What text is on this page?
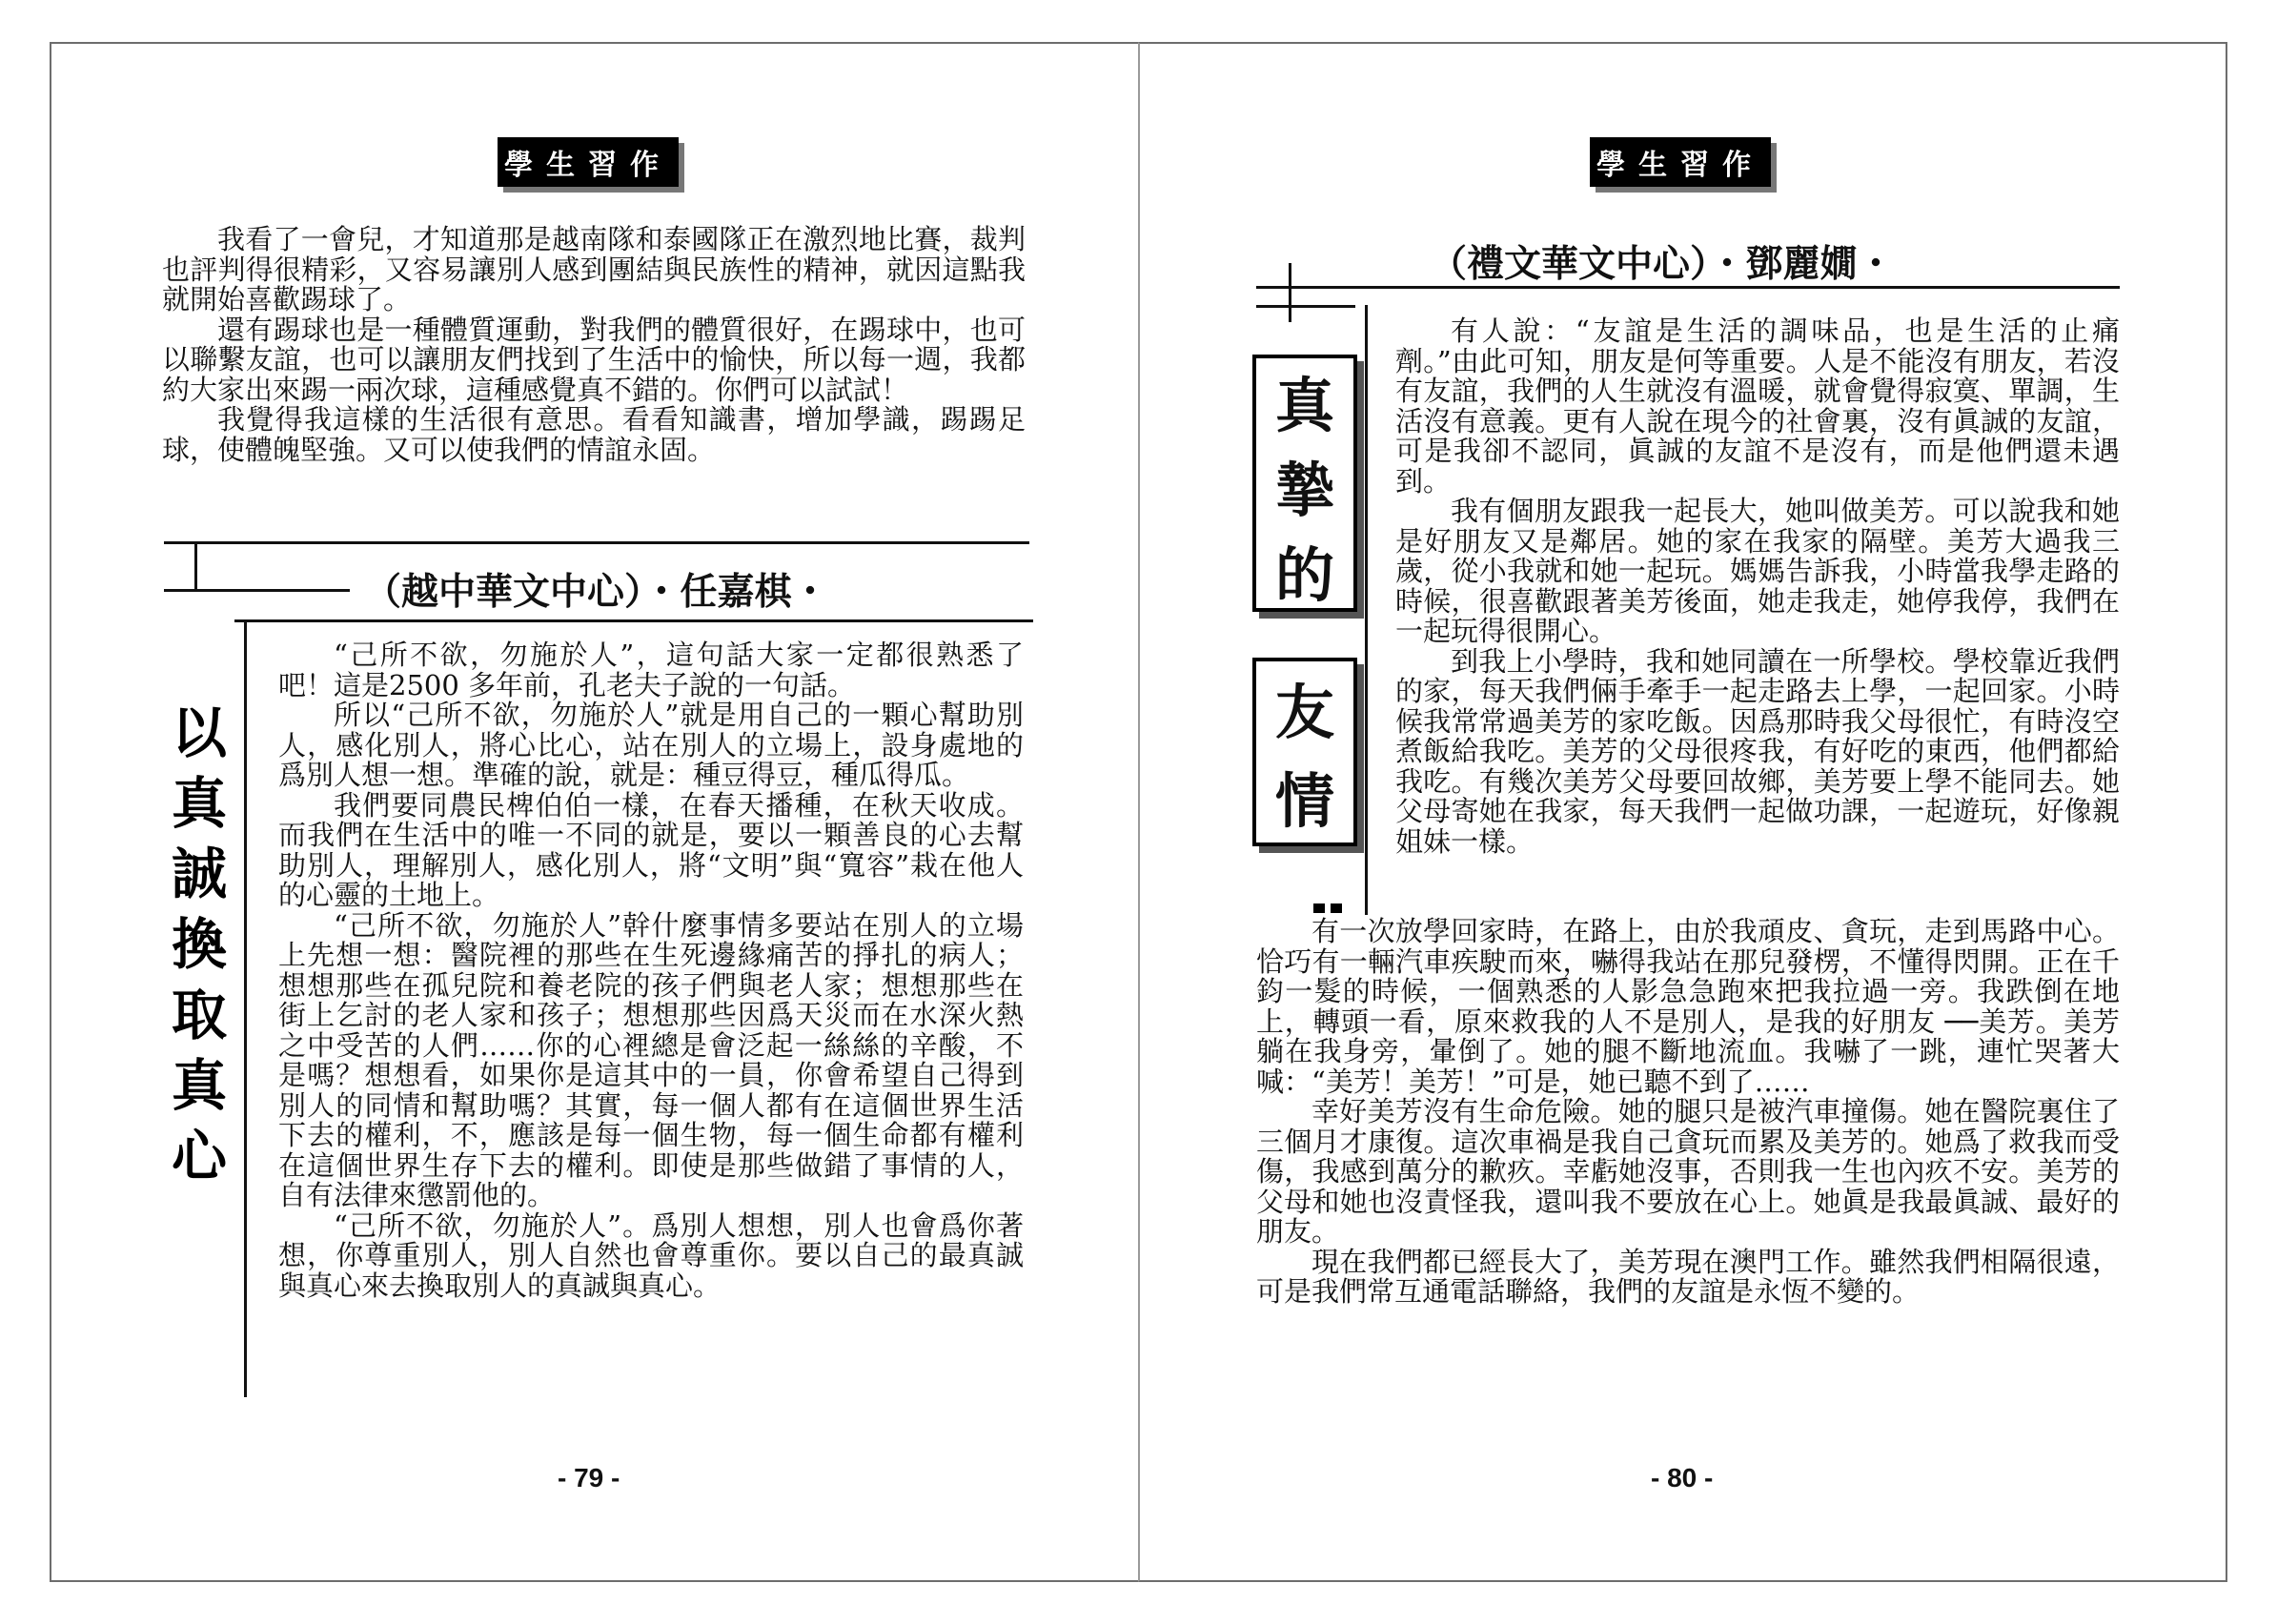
學生習作

我看了一會兒，才知道那是越南隊和泰國隊正在激烈地比賽，裁判也評判得很精彩，又容易讓別人感到團結與民族性的精神，就因這點我就開始喜歡踢球了。

還有踢球也是一種體質運動，對我們的體質很好，在踢球中，也可以聯繫友誼，也可以讓朋友們找到了生活中的愉快，所以每一週，我都約大家出來踢一兩次球，這種感覺真不錯的。你們可以試試！

我覺得我這樣的生活很有意思。看看知識書，增加學識，踢踢足球，使體魄堅強。又可以使我們的情誼永固。

（越中華文中心）・任嘉棋・
以
真
誠
換
取
真
心

“己所不欲，勿施於人”，這句話大家一定都很熟悉了吧！這是2500 多年前，孔老夫子說的一句話。

所以“己所不欲，勿施於人”就是用自己的一顆心幫助別人，感化別人，將心比心，站在別人的立場上，設身處地的爲別人想一想。準確的說，就是：種豆得豆，種瓜得瓜。

我們要同農民椑伯伯一樣，在春天播種，在秋天收成。而我們在生活中的唯一不同的就是，要以一顆善良的心去幫助別人，理解別人，感化別人，將“文明”與“寬容”栽在他人的心靈的土地上。

“己所不欲，勿施於人”幹什麼事情多要站在別人的立場上先想一想：醫院裡的那些在生死邊緣痛苦的掙扎的病人；想想那些在孤兒院和養老院的孩子們與老人家；想想那些在街上乞討的老人家和孩子；想想那些因爲天災而在水深火熱之中受苦的人們……你的心裡總是會泛起一絲絲的辛酸，不是嗎？想想看，如果你是這其中的一員，你會希望自己得到別人的同情和幫助嗎？其實，每一個人都有在這個世界生活下去的權利，不，應該是每一個生物，每一個生命都有權利在這個世界生存下去的權利。即使是那些做錯了事情的人，自有法律來懲罰他的。

“己所不欲，勿施於人”。爲別人想想，別人也會爲你著想，你尊重別人，別人自然也會尊重你。要以自己的最真誠與真心來去換取別人的真誠與真心。

- 79 -
學生習作
（禮文華文中心）・鄧麗嫺・
真
摯
的
友
情

有人說：“友誼是生活的調味品，也是生活的止痛劑。”由此可知，朋友是何等重要。人是不能沒有朋友，若沒有友誼，我們的人生就沒有溫暖，就會覺得寂寞、單調，生活沒有意義。更有人說在現今的社會裏，沒有眞誠的友誼，可是我卻不認同，眞誠的友誼不是沒有，而是他們還未遇到。

我有個朋友跟我一起長大，她叫做美芳。可以說我和她是好朋友又是鄰居。她的家在我家的隔壁。美芳大過我三歲，從小我就和她一起玩。媽媽告訴我，小時當我學走路的時候，很喜歡跟著美芳後面，她走我走，她停我停，我們在一起玩得很開心。

到我上小學時，我和她同讀在一所學校。學校靠近我們的家，每天我們倆手牽手一起走路去上學，一起回家。小時候我常常過美芳的家吃飯。因爲那時我父母很忙，有時沒空煮飯給我吃。美芳的父母很疼我，有好吃的東西，他們都給我吃。有幾次美芳父母要回故鄉，美芳要上學不能同去。她父母寄她在我家，每天我們一起做功課，一起遊玩，好像親姐妹一樣。

有一次放學回家時，在路上，由於我頑皮、貪玩，走到馬路中心。恰巧有一輛汽車疾駛而來，嚇得我站在那兒發楞，不懂得閃開。正在千鈞一髮的時候，一個熟悉的人影急急跑來把我拉過一旁。我跌倒在地上，轉頭一看，原來救我的人不是別人，是我的好朋友 ──美芳。美芳躺在我身旁，暈倒了。她的腿不斷地流血。我嚇了一跳，連忙哭著大喊：“美芳！美芳！”可是，她已聽不到了……

幸好美芳沒有生命危險。她的腿只是被汽車撞傷。她在醫院裏住了三個月才康復。這次車禍是我自己貪玩而累及美芳的。她爲了救我而受傷，我感到萬分的歉疚。幸虧她沒事，否則我一生也內疚不安。美芳的父母和她也沒責怪我，還叫我不要放在心上。她眞是我最眞誠、最好的朋友。

現在我們都已經長大了，美芳現在澳門工作。雖然我們相隔很遠，可是我們常互通電話聯絡，我們的友誼是永恆不變的。

- 80 -
